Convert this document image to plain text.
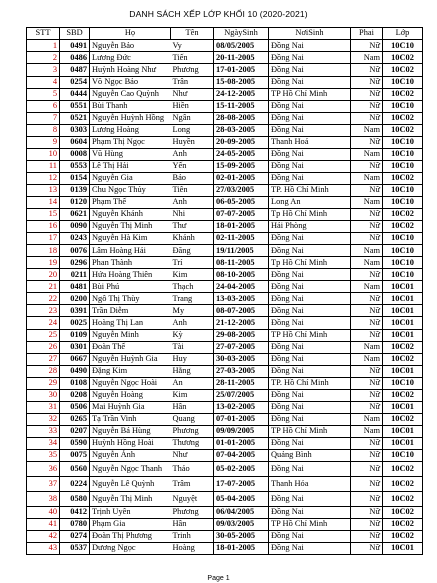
DANH SÁCH XẾP LỚP KHỐI 10 (2020-2021)
STT	SBD	Họ	Tên	NgàySinh	NơiSinh	Phai	Lớp
1	0491	Nguyễn Bảo	Vy	08/05/2005	Đồng Nai	Nữ	10C10
2	0486	Lương Đức	Tiến	20-11-2005	Đồng Nai	Nam	10C02
3	0487	Huỳnh Hoàng Như	Phương	17-01-2005	Đồng Nai	Nữ	10C02
4	0254	Võ Ngọc Bảo	Trân	15-08-2005	Đồng Nai	Nữ	10C10
5	0444	Nguyễn Cao Quỳnh	Như	24-12-2005	TP Hồ Chí Minh	Nữ	10C02
6	0551	Bùi Thanh	Hiền	15-11-2005	Đồng Nai	Nữ	10C10
7	0521	Nguyễn Huỳnh Hồng	Ngân	28-08-2005	Đồng Nai	Nữ	10C02
8	0303	Lương Hoàng	Long	28-03-2005	Đồng Nai	Nam	10C02
9	0604	Phạm Thị Ngọc	Huyền	20-09-2005	Thanh Hoá	Nữ	10C10
10	0008	Vũ Hùng	Anh	24-05-2005	Đồng Nai	Nam	10C10
11	0553	Lê Thị Hải	Yến	15-09-2005	Đồng Nai	Nữ	10C10
12	0154	Nguyễn Gia	Bảo	02-01-2005	Đồng Nai	Nam	10C02
13	0139	Chu Ngọc Thủy	Tiên	27/03/2005	TP. Hồ Chí Minh	Nữ	10C10
14	0120	Phạm Thế	Anh	06-05-2005	Long An	Nam	10C10
15	0621	Nguyễn Khánh	Nhi	07-07-2005	Tp Hồ Chí Minh	Nữ	10C02
16	0090	Nguyễn Thị Minh	Thư	18-01-2005	Hải Phòng	Nữ	10C02
17	0243	Nguyễn Hà Kim	Khánh	02-11-2005	Đồng Nai	Nữ	10C10
18	0076	Lâm Hoàng Hải	Đăng	19/11/2005	Đồng Nai	Nam	10C10
19	0296	Phan Thành	Trí	08-11-2005	Tp Hồ Chí Minh	Nam	10C10
20	0211	Hứa Hoàng Thiên	Kim	08-10-2005	Đồng Nai	Nữ	10C10
21	0481	Bùi Phú	Thạch	24-04-2005	Đồng Nai	Nam	10C01
22	0200	Ngô Thị Thùy	Trang	13-03-2005	Đồng Nai	Nữ	10C01
23	0391	Trần Diễm	My	08-07-2005	Đồng Nai	Nữ	10C01
24	0025	Hoàng Thị Lan	Anh	21-12-2005	Đồng Nai	Nữ	10C01
25	0109	Nguyễn Minh	Kỳ	29-08-2005	TP Hồ Chí Minh	Nữ	10C01
26	0301	Đoàn Thế	Tài	27-07-2005	Đồng Nai	Nam	10C02
27	0667	Nguyễn Huỳnh Gia	Huy	30-03-2005	Đồng Nai	Nam	10C02
28	0490	Đặng Kim	Hằng	27-03-2005	Đồng Nai	Nữ	10C01
29	0108	Nguyễn Ngọc Hoài	An	28-11-2005	TP. Hồ Chí Minh	Nữ	10C10
30	0208	Nguyễn Hoàng	Kim	25/07/2005	Đồng Nai	Nữ	10C02
31	0506	Mai Huỳnh Gia	Hân	13-02-2005	Đồng Nai	Nữ	10C01
32	0265	Tạ Trần Vinh	Quang	07-01-2005	Đồng Nai	Nam	10C02
33	0207	Nguyễn Bá Hùng	Phương	09/09/2005	TP Hồ Chí Minh	Nam	10C01
34	0590	Huỳnh Hồng Hoài	Thương	01-01-2005	Đồng Nai	Nữ	10C01
35	0075	Nguyễn Ánh	Như	07-04-2005	Quảng Bình	Nữ	10C10
36	0560	Nguyễn Ngọc Thanh	Thảo	05-02-2005	Đồng Nai	Nữ	10C02
37	0224	Nguyễn Lê Quỳnh	Trâm	17-07-2005	Thanh Hóa	Nữ	10C02
38	0580	Nguyễn Thị Minh	Nguyệt	05-04-2005	Đồng Nai	Nữ	10C02
40	0412	Trịnh Uyên	Phương	06/04/2005	Đồng Nai	Nữ	10C02
41	0780	Phạm Gia	Hân	09/03/2005	TP Hồ Chí Minh	Nữ	10C02
42	0274	Đoàn Thị Phương	Trinh	30-05-2005	Đồng Nai	Nữ	10C02
43	0537	Dương Ngọc	Hoàng	18-01-2005	Đồng Nai	Nữ	10C01
Page 1
